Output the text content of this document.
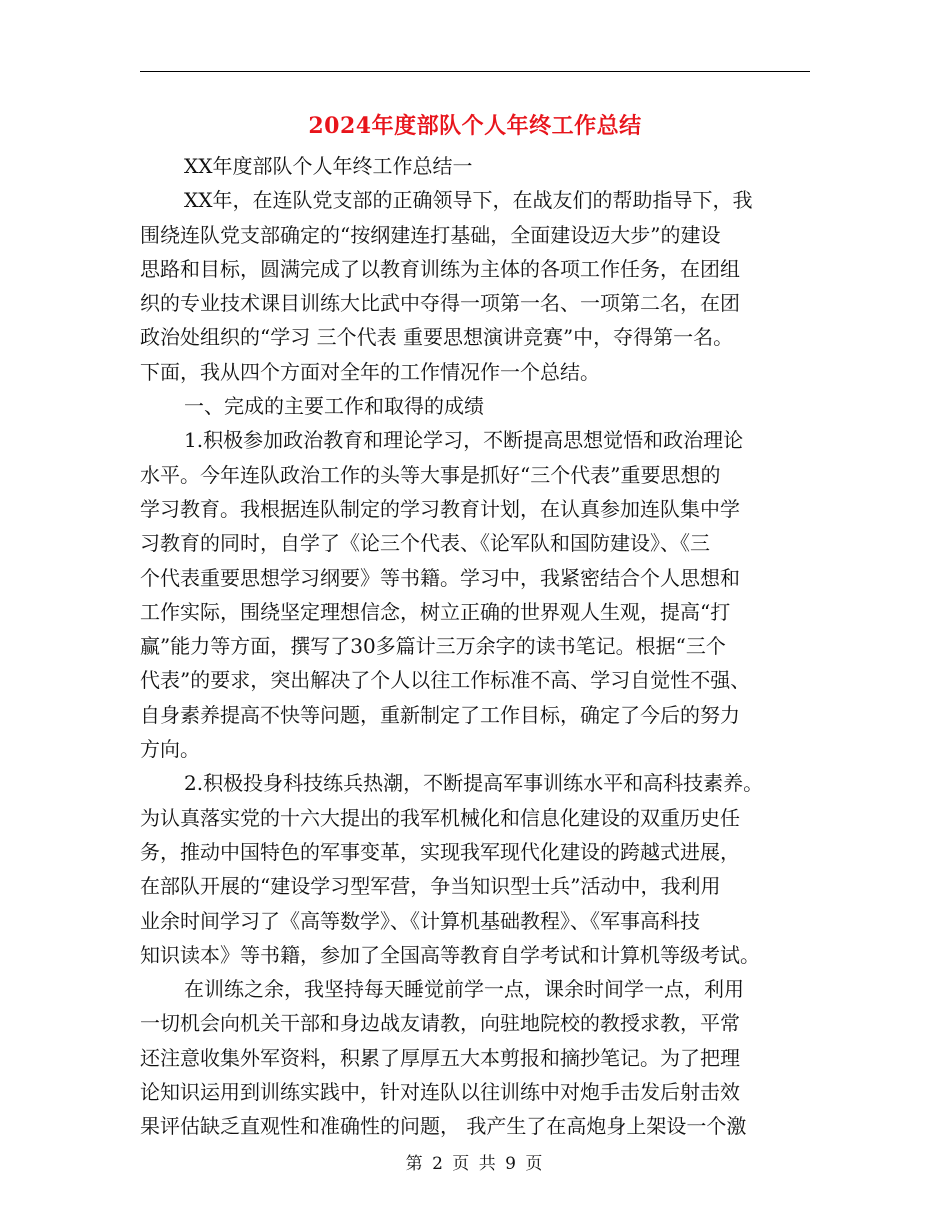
2024年度部队个人年终工作总结
XX年度部队个人年终工作总结一
XX年，在连队党支部的正确领导下，在战友们的帮助指导下，我
围绕连队党支部确定的“按纲建连打基础，全面建设迈大步”的建设
思路和目标，圆满完成了以教育训练为主体的各项工作任务，在团组
织的专业技术课目训练大比武中夺得一项第一名、一项第二名，在团
政治处组织的“学习 三个代表 重要思想演讲竞赛”中，夺得第一名。
下面，我从四个方面对全年的工作情况作一个总结。
一、完成的主要工作和取得的成绩
1.积极参加政治教育和理论学习，不断提高思想觉悟和政治理论
水平。今年连队政治工作的头等大事是抓好“三个代表”重要思想的
学习教育。我根据连队制定的学习教育计划，在认真参加连队集中学
习教育的同时，自学了《论三个代表、《论军队和国防建设》、《三
个代表重要思想学习纲要》等书籍。学习中，我紧密结合个人思想和
工作实际，围绕坚定理想信念，树立正确的世界观人生观，提高“打
赢”能力等方面，撰写了30多篇计三万余字的读书笔记。根据“三个
代表”的要求，突出解决了个人以往工作标准不高、学习自觉性不强、
自身素养提高不快等问题，重新制定了工作目标，确定了今后的努力
方向。
2.积极投身科技练兵热潮，不断提高军事训练水平和高科技素养。
为认真落实党的十六大提出的我军机械化和信息化建设的双重历史任
务，推动中国特色的军事变革，实现我军现代化建设的跨越式进展，
在部队开展的“建设学习型军营，争当知识型士兵”活动中，我利用
业余时间学习了《高等数学》、《计算机基础教程》、《军事高科技
知识读本》等书籍，参加了全国高等教育自学考试和计算机等级考试。
在训练之余，我坚持每天睡觉前学一点，课余时间学一点，利用
一切机会向机关干部和身边战友请教，向驻地院校的教授求教，平常
还注意收集外军资料，积累了厚厚五大本剪报和摘抄笔记。为了把理
论知识运用到训练实践中，针对连队以往训练中对炮手击发后射击效
果评估缺乏直观性和准确性的问题， 我产生了在高炮身上架设一个激
第 2 页 共 9 页
